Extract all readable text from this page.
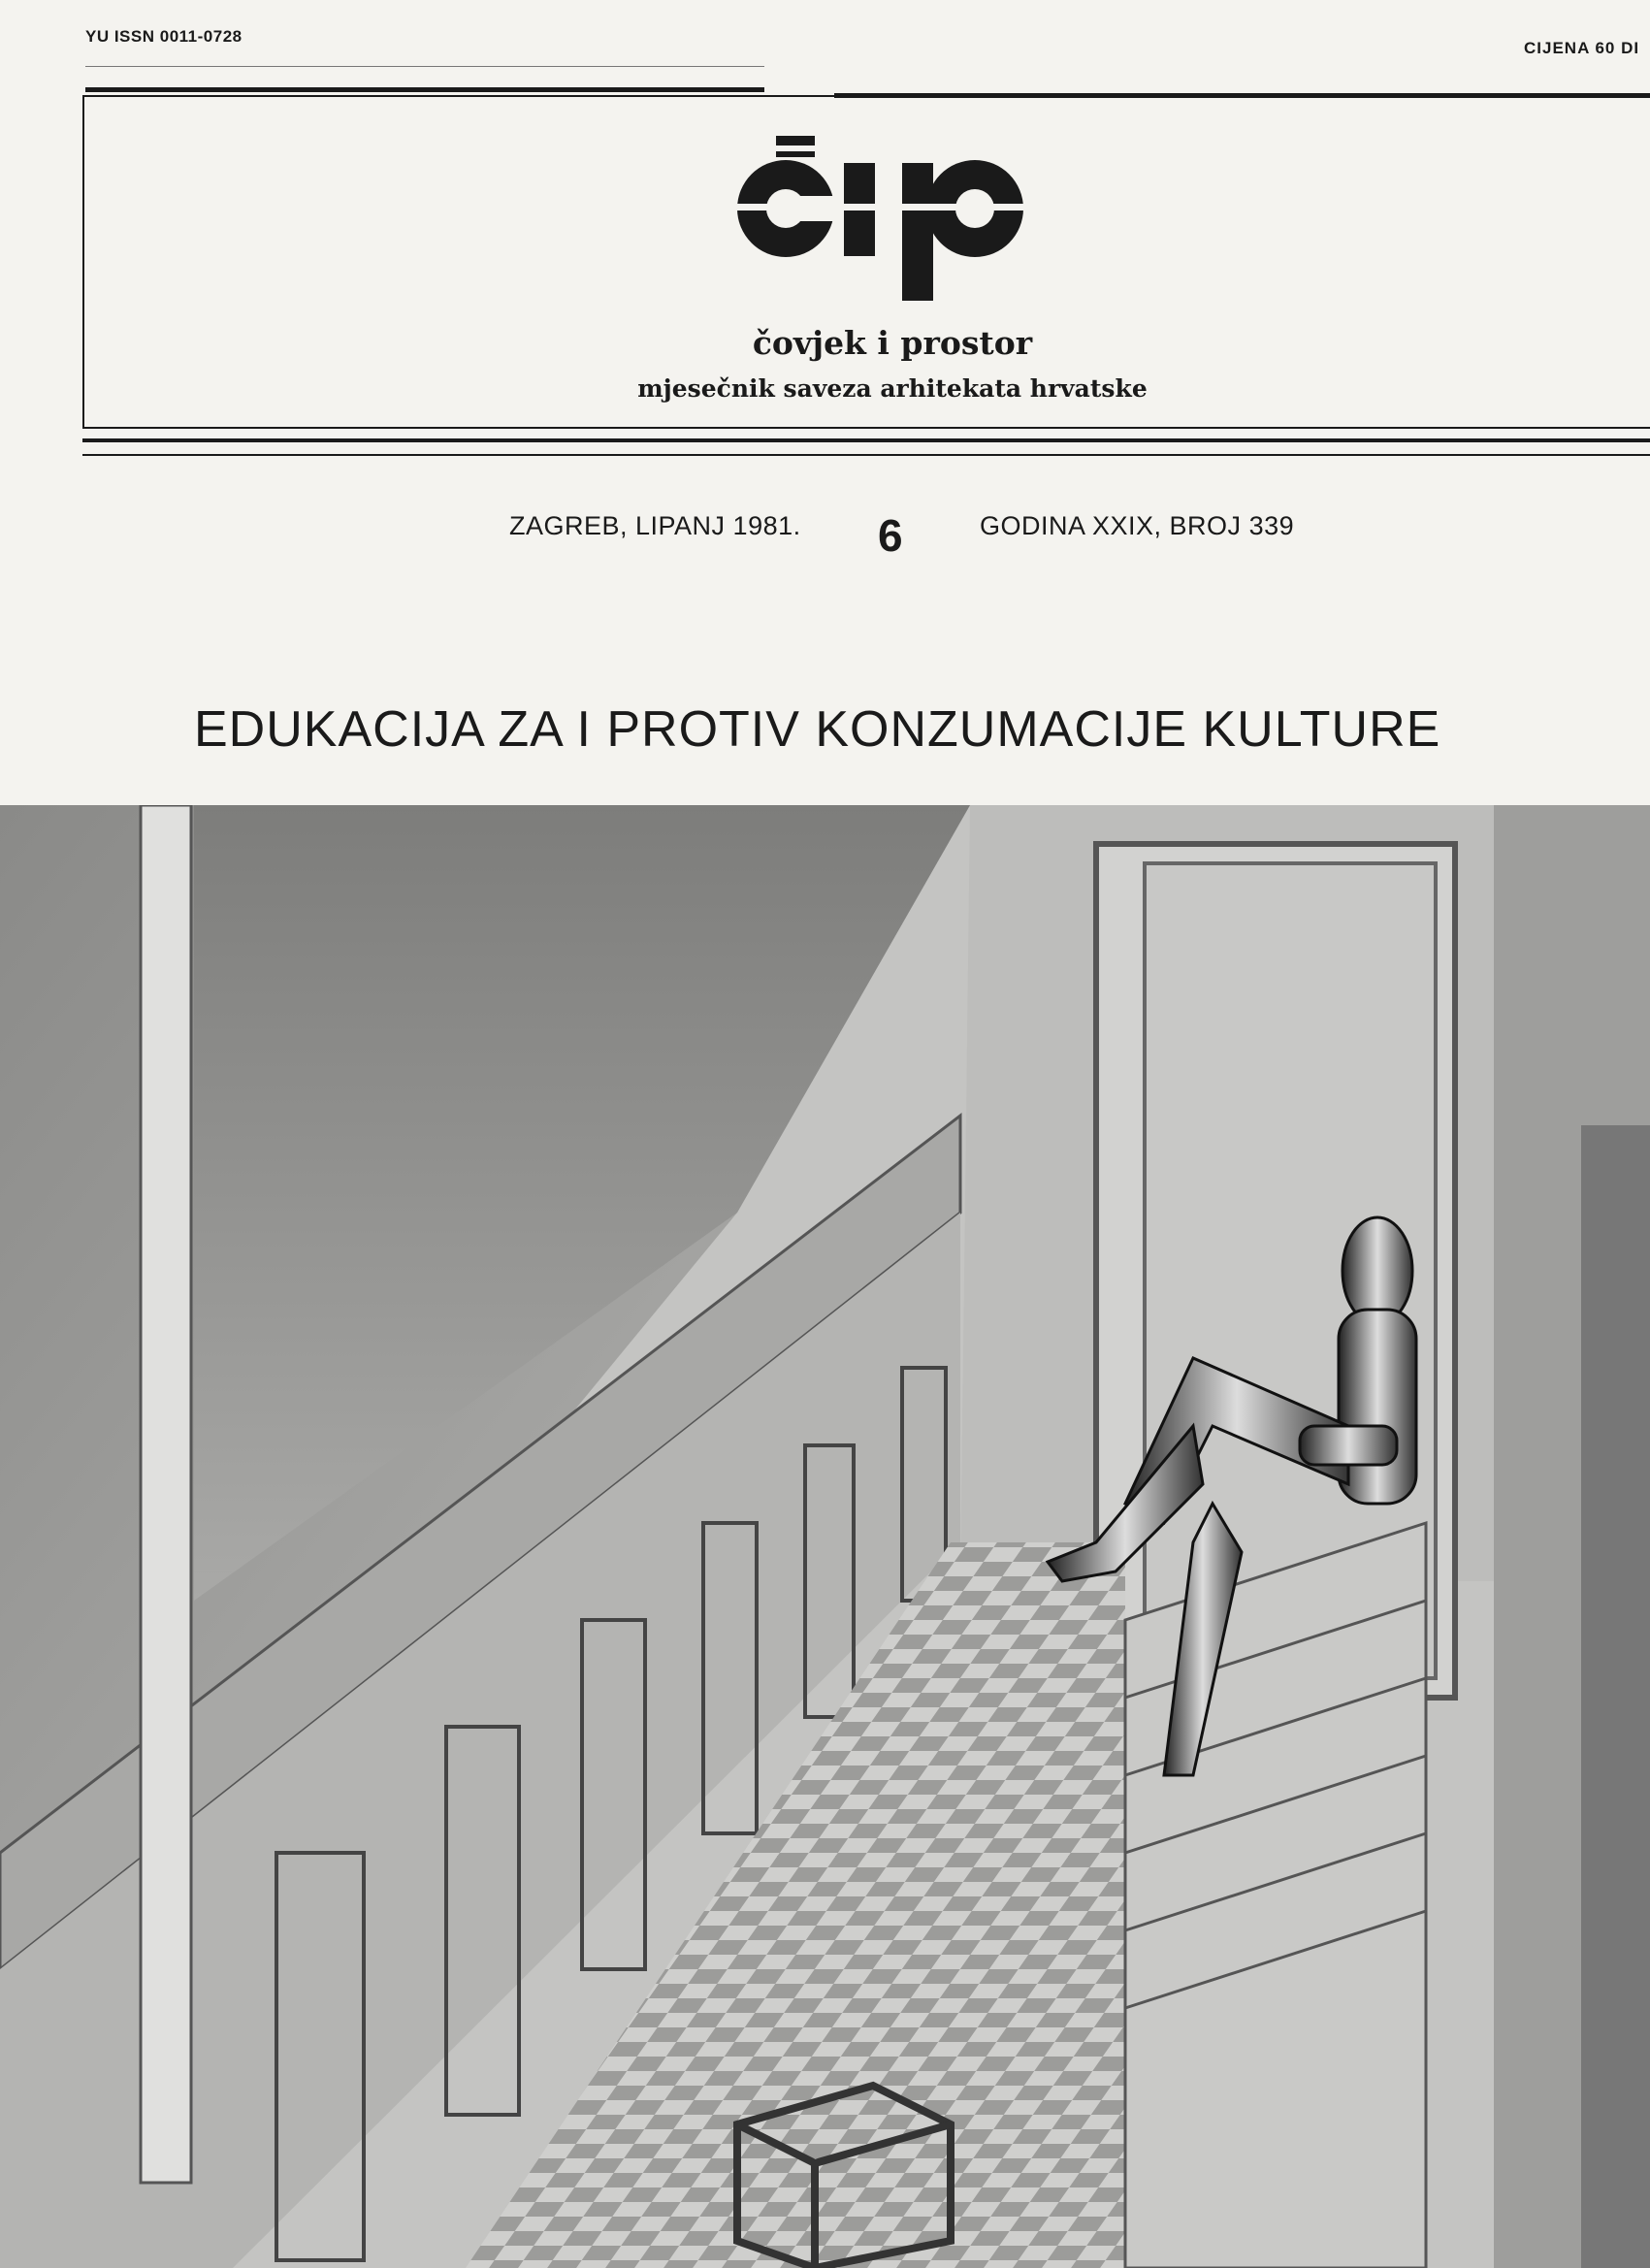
YU ISSN 0011-0728
CIJENA 60 DI
čovjek i prostor
mjesečnik saveza arhitekata hrvatske
ZAGREB, LIPANJ 1981. 6	GODINA XXIX, BROJ 339
EDUKACIJA ZA I PROTIV KONZUMACIJE KULTURE
